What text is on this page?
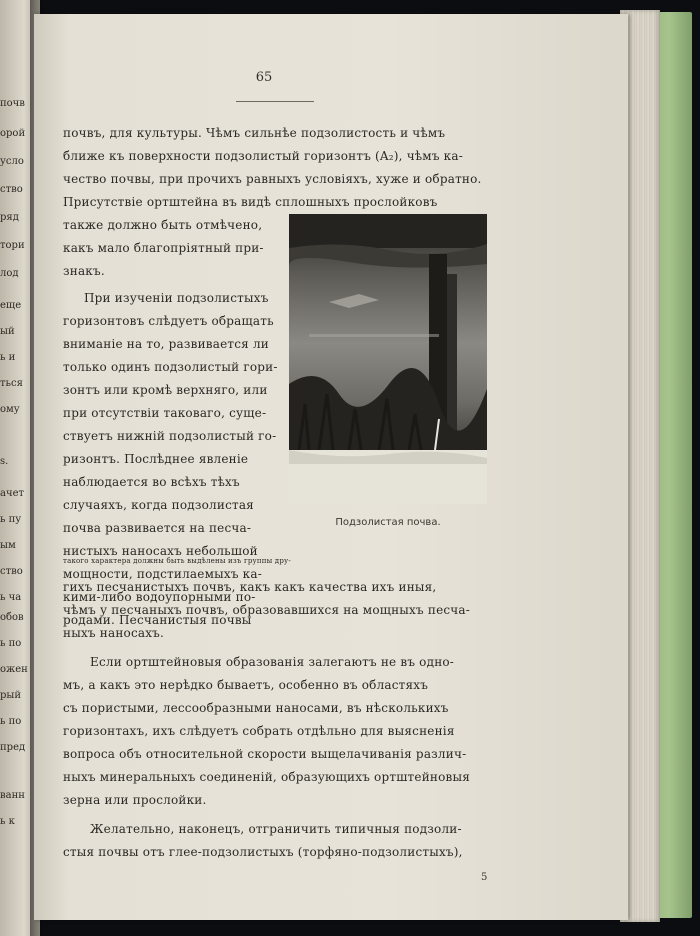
почв
орой
усло
ство
ряд
тори
лод
еще
ый
ь и
ться
ому
s.
ачет
ь пу
ым
ство
ь ча
обов
ь по
ожен
рый
ь по
пред
ванн
ь к
65
почвъ, для культуры. Чѣмъ сильнѣе подзолистость и чѣмъ
ближе къ поверхности подзолистый горизонтъ (A₂), чѣмъ ка-
чество почвы, при прочихъ равныхъ условіяхъ, хуже и обратно.
Присутствіе ортштейна въ видѣ сплошныхъ прослойковъ
также должно быть отмѣчено,
какъ мало благопріятный при-
знакъ.
При изученіи подзолистыхъ
горизонтовъ слѣдуетъ обращать
вниманіе на то, развивается ли
только одинъ подзолистый гори-
зонтъ или кромѣ верхняго, или
при отсутствіи таковаго, суще-
ствуетъ нижній подзолистый го-
ризонтъ. Послѣднее явленіе
наблюдается во всѣхъ тѣхъ
случаяхъ, когда подзолистая
почва развивается на песча-
нистыхъ наносахъ небольшой
мощности, подстилаемыхъ ка-
кими-либо водоупорными по-
родами. Песчанистыя почвы
Подзолистая почва.
такого характера должны быть выдѣлены изъ группы дру-
гихъ песчанистыхъ почвъ, какъ какъ качества ихъ иныя,
чѣмъ у песчаныхъ почвъ, образовавшихся на мощныхъ песча-
ныхъ наносахъ.
Если ортштейновыя образованія залегаютъ не въ одно-
мъ, а какъ это нерѣдко бываетъ, особенно въ областяхъ
съ пористыми, лессообразными наносами, въ нѣсколькихъ
горизонтахъ, ихъ слѣдуетъ собрать отдѣльно для выясненія
вопроса объ относительной скорости выщелачиванія различ-
ныхъ минеральныхъ соединеній, образующихъ ортштейновыя
зерна или прослойки.
Желательно, наконецъ, отграничить типичныя подзоли-
стыя почвы отъ глее-подзолистыхъ (торфяно-подзолистыхъ),
5
